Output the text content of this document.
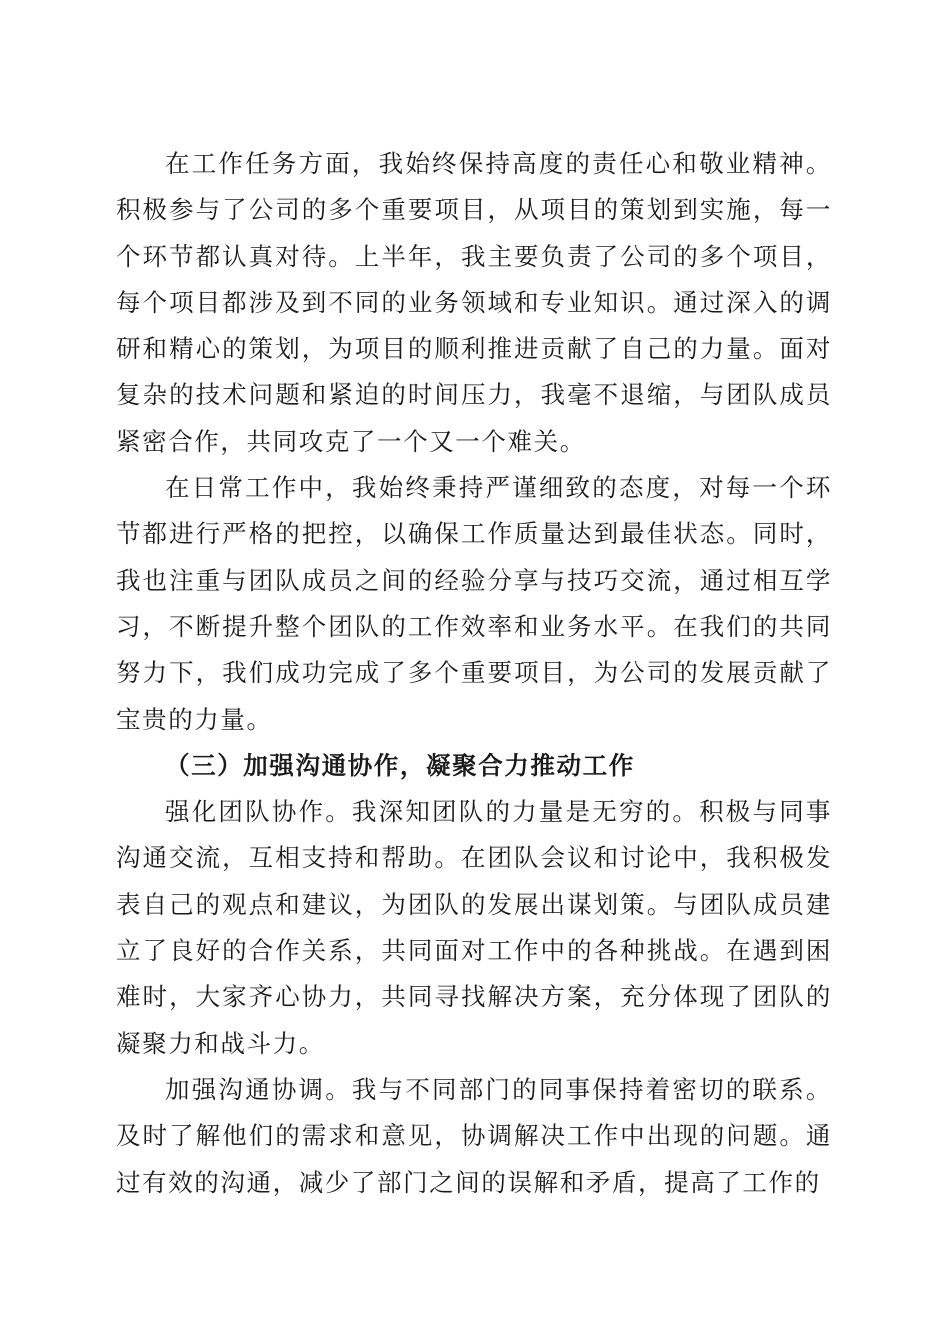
在工作任务方面，我始终保持高度的责任心和敬业精神。积极参与了公司的多个重要项目，从项目的策划到实施，每一个环节都认真对待。上半年，我主要负责了公司的多个项目，每个项目都涉及到不同的业务领域和专业知识。通过深入的调研和精心的策划，为项目的顺利推进贡献了自己的力量。面对复杂的技术问题和紧迫的时间压力，我毫不退缩，与团队成员紧密合作，共同攻克了一个又一个难关。

在日常工作中，我始终秉持严谨细致的态度，对每一个环节都进行严格的把控，以确保工作质量达到最佳状态。同时，我也注重与团队成员之间的经验分享与技巧交流，通过相互学习，不断提升整个团队的工作效率和业务水平。在我们的共同努力下，我们成功完成了多个重要项目，为公司的发展贡献了宝贵的力量。

（三）加强沟通协作，凝聚合力推动工作

强化团队协作。我深知团队的力量是无穷的。积极与同事沟通交流，互相支持和帮助。在团队会议和讨论中，我积极发表自己的观点和建议，为团队的发展出谋划策。与团队成员建立了良好的合作关系，共同面对工作中的各种挑战。在遇到困难时，大家齐心协力，共同寻找解决方案，充分体现了团队的凝聚力和战斗力。

加强沟通协调。我与不同部门的同事保持着密切的联系。及时了解他们的需求和意见，协调解决工作中出现的问题。通过有效的沟通，减少了部门之间的误解和矛盾，提高了工作的
